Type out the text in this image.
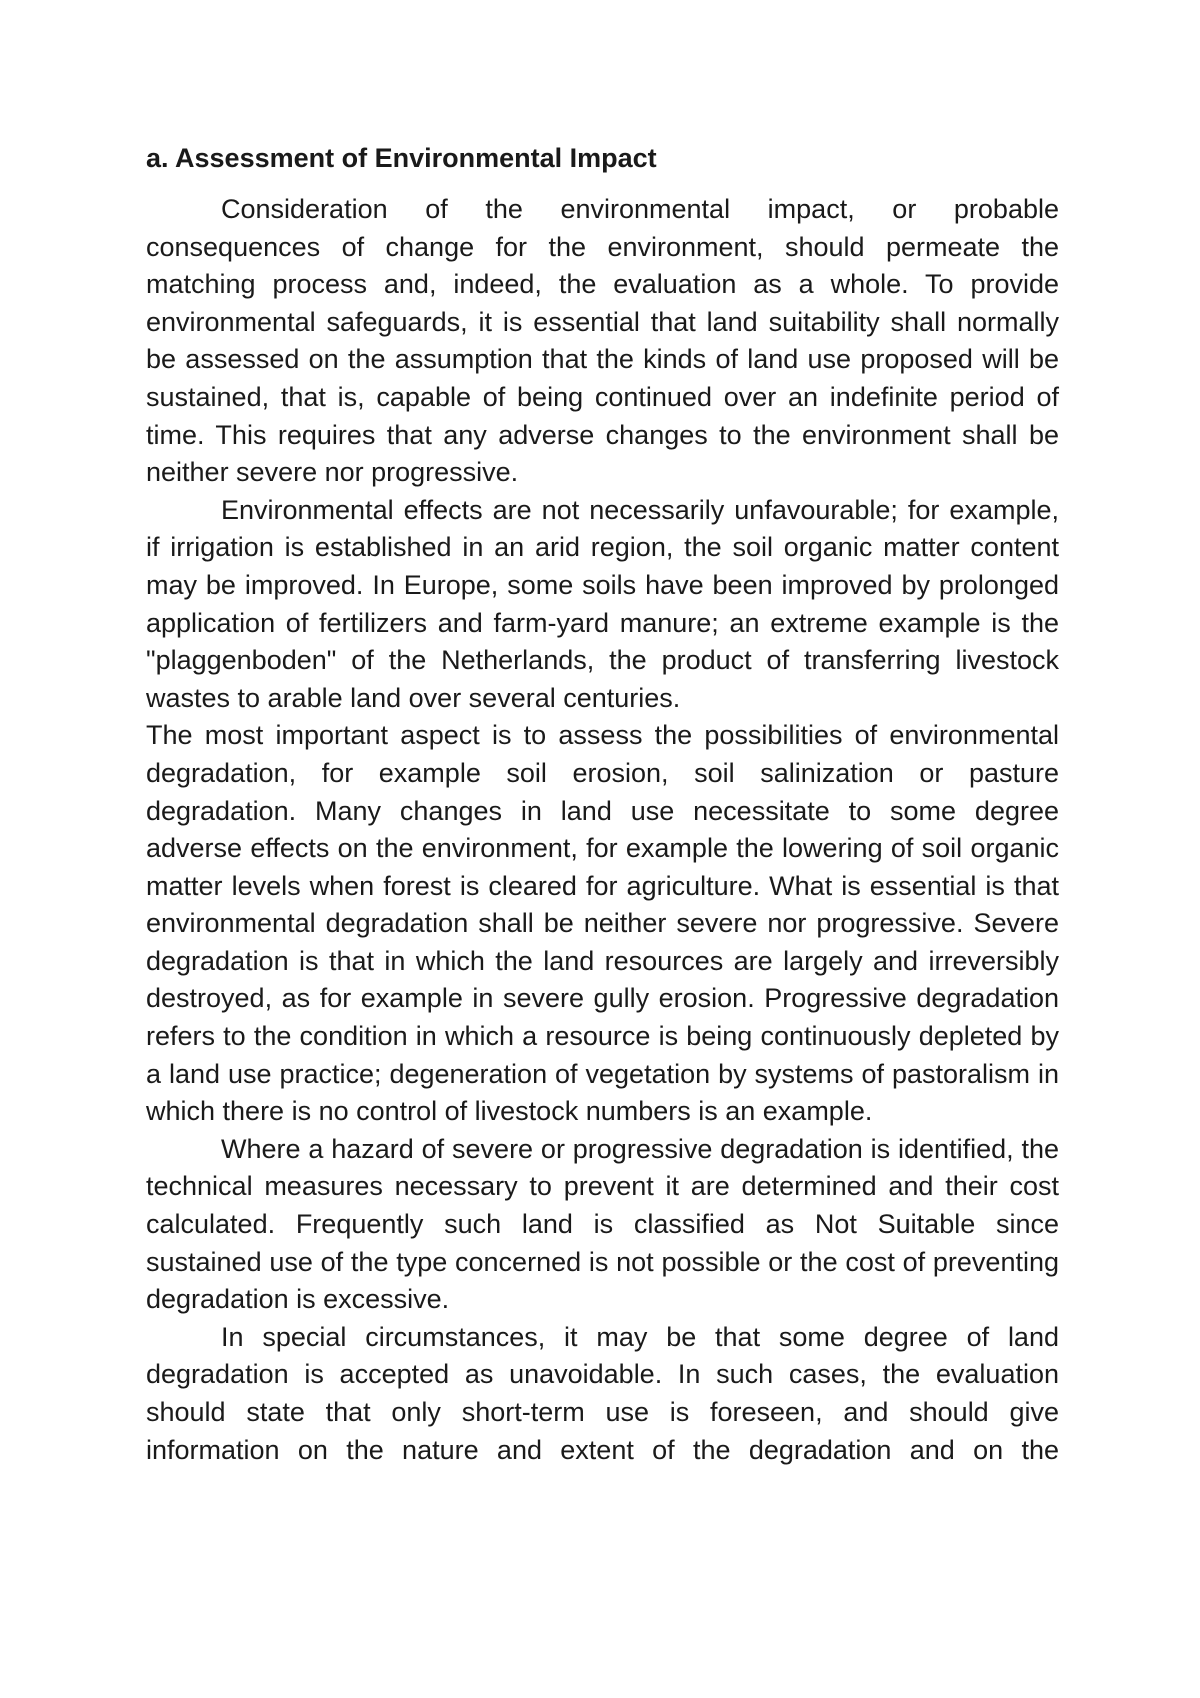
a. Assessment of Environmental Impact

Consideration of the environmental impact, or probable consequences of change for the environment, should permeate the matching process and, indeed, the evaluation as a whole. To provide environmental safeguards, it is essential that land suitability shall normally be assessed on the assumption that the kinds of land use proposed will be sustained, that is, capable of being continued over an indefinite period of time. This requires that any adverse changes to the environment shall be neither severe nor progressive.

Environmental effects are not necessarily unfavourable; for example, if irrigation is established in an arid region, the soil organic matter content may be improved. In Europe, some soils have been improved by prolonged application of fertilizers and farm-yard manure; an extreme example is the "plaggenboden" of the Netherlands, the product of transferring livestock wastes to arable land over several centuries.

The most important aspect is to assess the possibilities of environmental degradation, for example soil erosion, soil salinization or pasture degradation. Many changes in land use necessitate to some degree adverse effects on the environment, for example the lowering of soil organic matter levels when forest is cleared for agriculture. What is essential is that environmental degradation shall be neither severe nor progressive. Severe degradation is that in which the land resources are largely and irreversibly destroyed, as for example in severe gully erosion. Progressive degradation refers to the condition in which a resource is being continuously depleted by a land use practice; degeneration of vegetation by systems of pastoralism in which there is no control of livestock numbers is an example.

Where a hazard of severe or progressive degradation is identified, the technical measures necessary to prevent it are determined and their cost calculated. Frequently such land is classified as Not Suitable since sustained use of the type concerned is not possible or the cost of preventing degradation is excessive.

In special circumstances, it may be that some degree of land degradation is accepted as unavoidable. In such cases, the evaluation should state that only short-term use is foreseen, and should give information on the nature and extent of the degradation and on the
